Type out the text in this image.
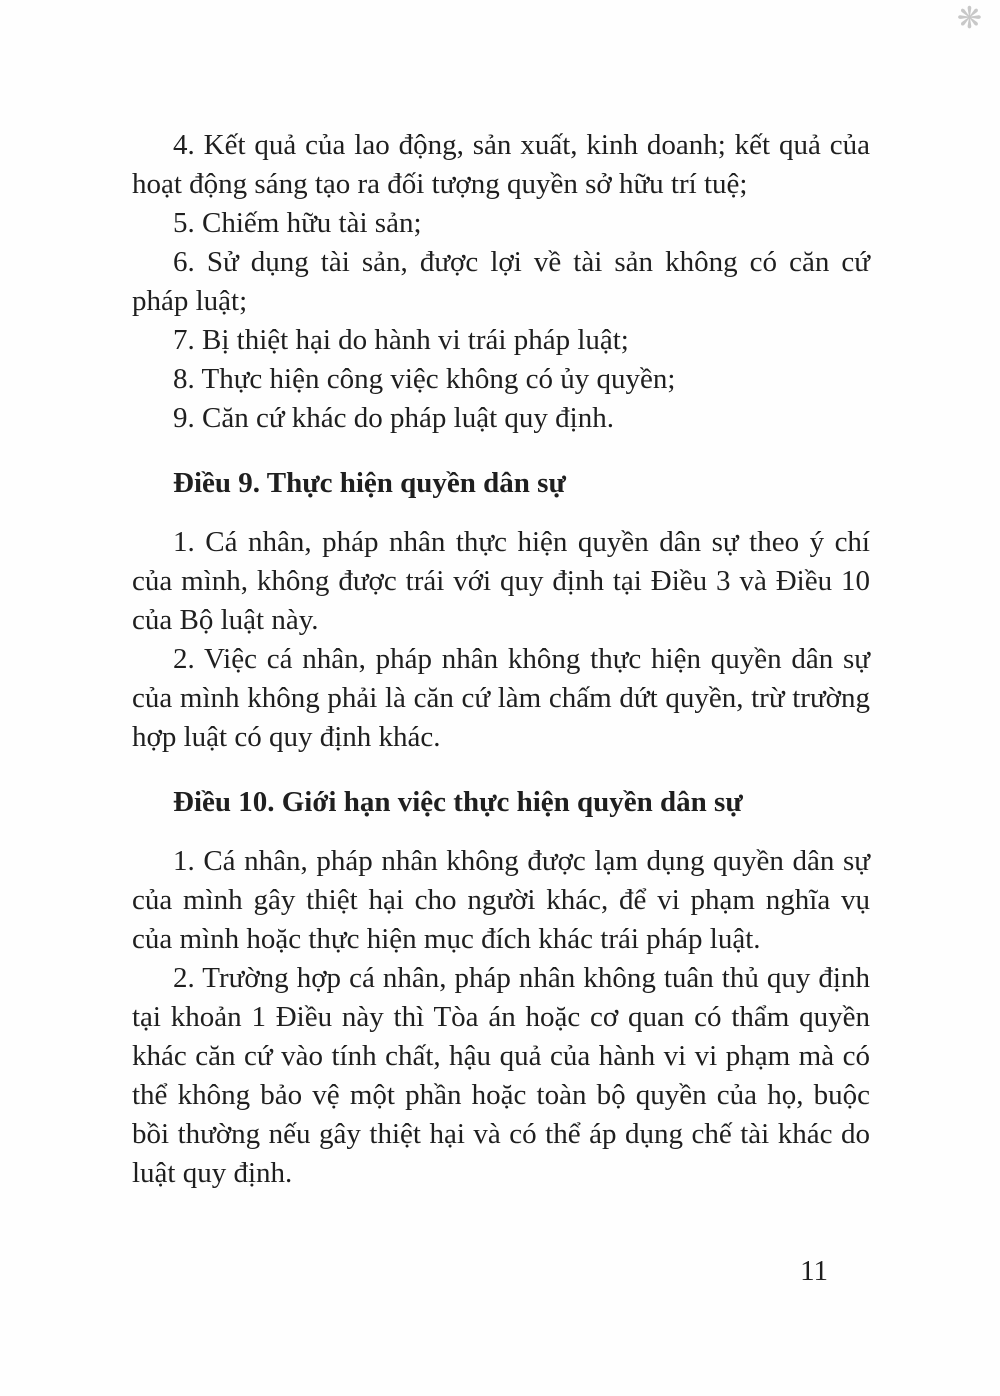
❋

4. Kết quả của lao động, sản xuất, kinh doanh; kết quả của hoạt động sáng tạo ra đối tượng quyền sở hữu trí tuệ;

5. Chiếm hữu tài sản;

6. Sử dụng tài sản, được lợi về tài sản không có căn cứ pháp luật;

7. Bị thiệt hại do hành vi trái pháp luật;

8. Thực hiện công việc không có ủy quyền;

9. Căn cứ khác do pháp luật quy định.

Điều 9. Thực hiện quyền dân sự

1. Cá nhân, pháp nhân thực hiện quyền dân sự theo ý chí của mình, không được trái với quy định tại Điều 3 và Điều 10 của Bộ luật này.

2. Việc cá nhân, pháp nhân không thực hiện quyền dân sự của mình không phải là căn cứ làm chấm dứt quyền, trừ trường hợp luật có quy định khác.

Điều 10. Giới hạn việc thực hiện quyền dân sự

1. Cá nhân, pháp nhân không được lạm dụng quyền dân sự của mình gây thiệt hại cho người khác, để vi phạm nghĩa vụ của mình hoặc thực hiện mục đích khác trái pháp luật.

2. Trường hợp cá nhân, pháp nhân không tuân thủ quy định tại khoản 1 Điều này thì Tòa án hoặc cơ quan có thẩm quyền khác căn cứ vào tính chất, hậu quả của hành vi vi phạm mà có thể không bảo vệ một phần hoặc toàn bộ quyền của họ, buộc bồi thường nếu gây thiệt hại và có thể áp dụng chế tài khác do luật quy định.

11
